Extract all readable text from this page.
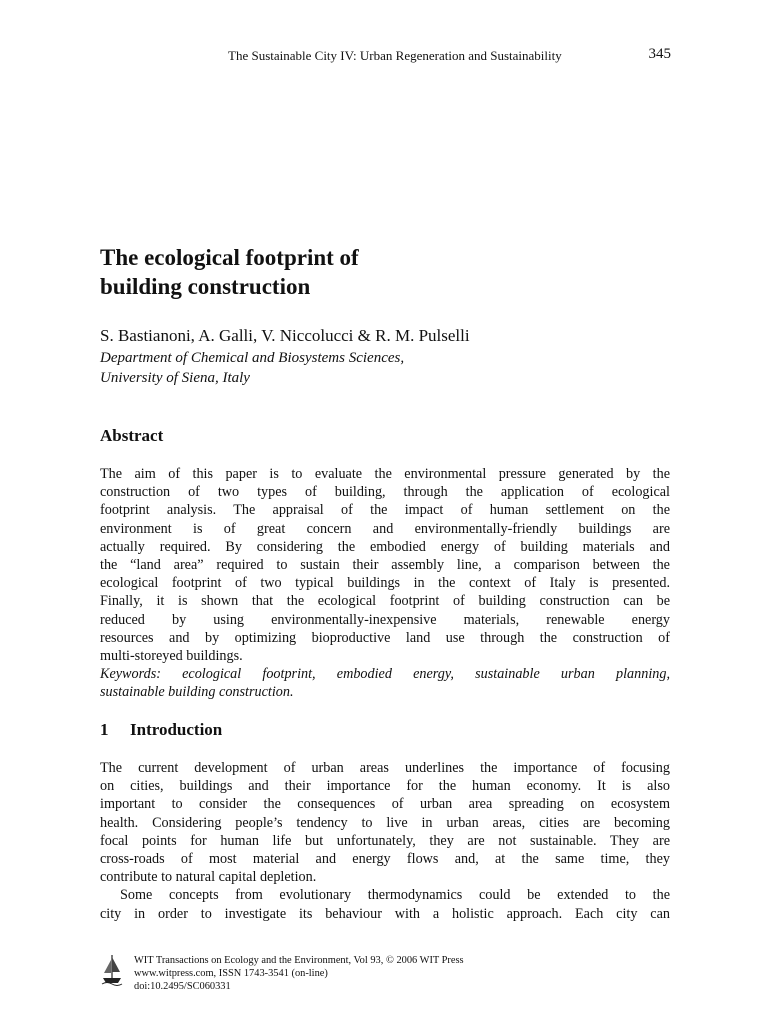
The Sustainable City IV: Urban Regeneration and Sustainability	345
The ecological footprint of
building construction
S. Bastianoni, A. Galli, V. Niccolucci & R. M. Pulselli
Department of Chemical and Biosystems Sciences,
University of Siena, Italy
Abstract
The aim of this paper is to evaluate the environmental pressure generated by the
construction of two types of building, through the application of ecological
footprint analysis. The appraisal of the impact of human settlement on the
environment is of great concern and environmentally-friendly buildings are
actually required. By considering the embodied energy of building materials and
the “land area” required to sustain their assembly line, a comparison between the
ecological footprint of two typical buildings in the context of Italy is presented.
Finally, it is shown that the ecological footprint of building construction can be
reduced by using environmentally-inexpensive materials, renewable energy
resources and by optimizing bioproductive land use through the construction of
multi-storeyed buildings.
Keywords: ecological footprint, embodied energy, sustainable urban planning,
sustainable building construction.
1 Introduction
The current development of urban areas underlines the importance of focusing
on cities, buildings and their importance for the human economy. It is also
important to consider the consequences of urban area spreading on ecosystem
health. Considering people’s tendency to live in urban areas, cities are becoming
focal points for human life but unfortunately, they are not sustainable. They are
cross-roads of most material and energy flows and, at the same time, they
contribute to natural capital depletion.
Some concepts from evolutionary thermodynamics could be extended to the
city in order to investigate its behaviour with a holistic approach. Each city can
WIT Transactions on Ecology and the Environment, Vol 93, © 2006 WIT Press
www.witpress.com, ISSN 1743-3541 (on-line)
doi:10.2495/SC060331
